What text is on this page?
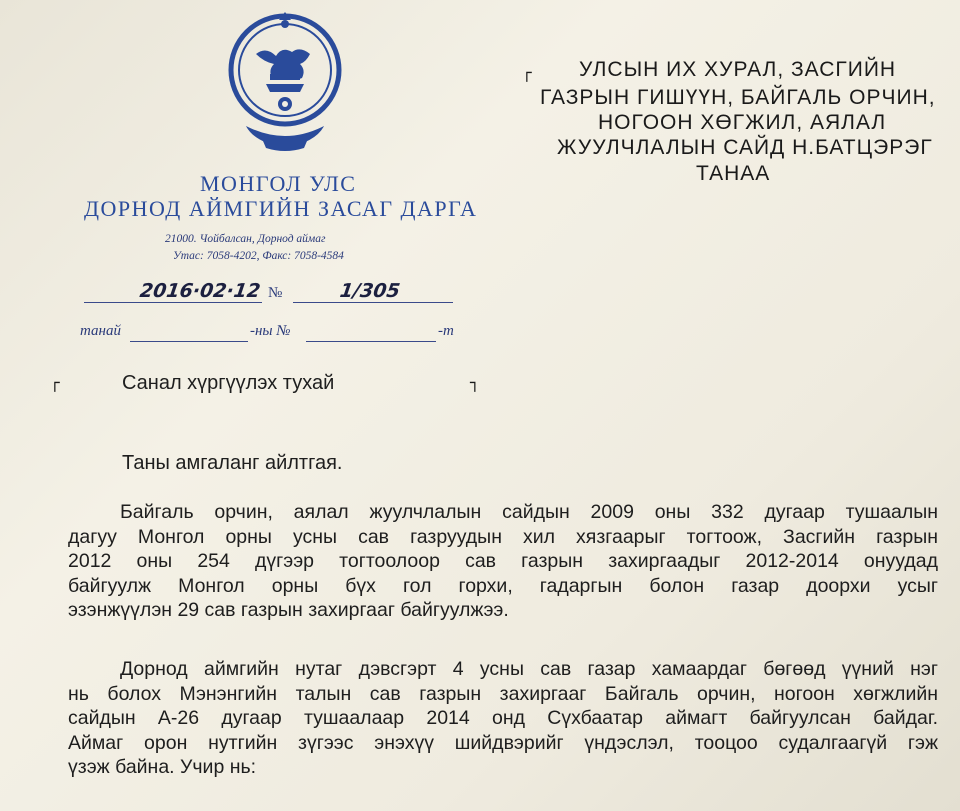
МОНГОЛ УЛС
ДОРНОД АЙМГИЙН ЗАСАГ ДАРГА
21000. Чойбалсан, Дорнод аймаг
Утас: 7058-4202, Факс: 7058-4584
┌ УЛСЫН ИХ ХУРАЛ, ЗАСГИЙН
ГАЗРЫН ГИШҮҮН, БАЙГАЛЬ ОРЧИН,
НОГООН ХӨГЖИЛ, АЯЛАЛ
ЖУУЛЧЛАЛЫН САЙД Н.БАТЦЭРЭГ
ТАНАА
2016·02·12 №	1/305
танай	-ны №	-т
┌	Санал хүргүүлэх тухай	┐
Таны амгаланг айлтгая.
Байгаль орчин, аялал жуулчлалын сайдын 2009 оны 332 дугаар тушаалын
дагуу Монгол орны усны сав газруудын хил хязгаарыг тогтоож, Засгийн газрын
2012 оны 254 дүгээр тогтоолоор сав газрын захиргаадыг 2012-2014 онуудад
байгуулж Монгол орны бүх гол горхи, гадаргын болон газар доорхи усыг
эзэнжүүлэн 29 сав газрын захиргааг байгуулжээ.
Дорнод аймгийн нутаг дэвсгэрт 4 усны сав газар хамаардаг бөгөөд үүний нэг
нь болох Мэнэнгийн талын сав газрын захиргааг Байгаль орчин, ногоон хөгжлийн
сайдын А-26 дугаар тушаалаар 2014 онд Сүхбаатар аймагт байгуулсан байдаг.
Аймаг орон нутгийн зүгээс энэхүү шийдвэрийг үндэслэл, тооцоо судалгаагүй гэж
үзэж байна. Учир нь:
